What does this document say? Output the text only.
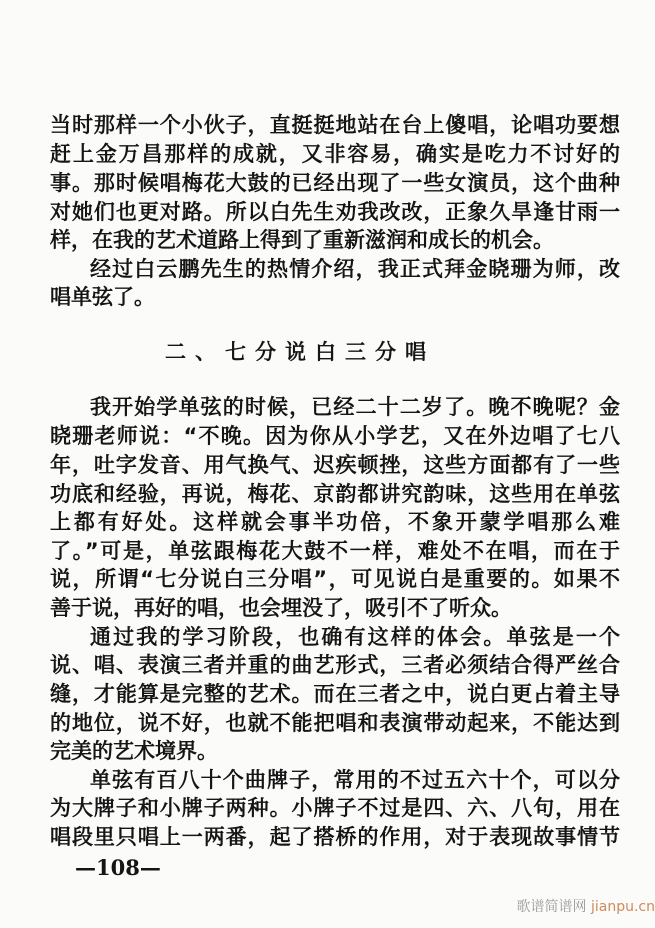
当时那样一个小伙子，直挺挺地站在台上傻唱，论唱功要想
赶上金万昌那样的成就，又非容易，确实是吃力不讨好的
事。那时候唱梅花大鼓的已经出现了一些女演员，这个曲种
对她们也更对路。所以白先生劝我改改，正象久旱逢甘雨一
样，在我的艺术道路上得到了重新滋润和成长的机会。
经过白云鹏先生的热情介绍，我正式拜金晓珊为师，改
唱单弦了。
二、七分说白三分唱
我开始学单弦的时候，已经二十二岁了。晚不晚呢？金
晓珊老师说：“不晚。因为你从小学艺，又在外边唱了七八
年，吐字发音、用气换气、迟疾顿挫，这些方面都有了一些
功底和经验，再说，梅花、京韵都讲究韵味，这些用在单弦
上都有好处。这样就会事半功倍，不象开蒙学唱那么难
了。”可是，单弦跟梅花大鼓不一样，难处不在唱，而在于
说，所谓“七分说白三分唱”，可见说白是重要的。如果不
善于说，再好的唱，也会埋没了，吸引不了听众。
通过我的学习阶段，也确有这样的体会。单弦是一个
说、唱、表演三者并重的曲艺形式，三者必须结合得严丝合
缝，才能算是完整的艺术。而在三者之中，说白更占着主导
的地位，说不好，也就不能把唱和表演带动起来，不能达到
完美的艺术境界。
单弦有百八十个曲牌子，常用的不过五六十个，可以分
为大牌子和小牌子两种。小牌子不过是四、六、八句，用在
唱段里只唱上一两番，起了搭桥的作用，对于表现故事情节
—108—
歌谱简谱网 jianpu.cn
